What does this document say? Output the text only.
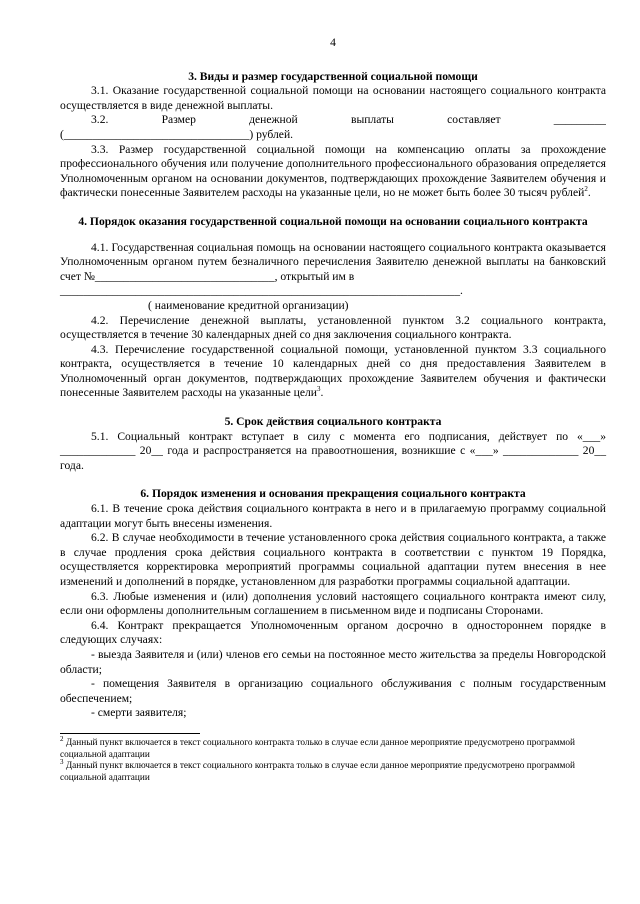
4
3. Виды и размер государственной социальной помощи

3.1. Оказание государственной социальной помощи на основании настоящего социального контракта осуществляется в виде денежной выплаты.

3.2.	Размер	денежной	выплаты	составляет	_________

(________________________________) рублей.

3.3. Размер государственной социальной помощи на компенсацию оплаты за прохождение профессионального обучения или получение дополнительного профессионального образования определяется Уполномоченным органом на основании документов, подтверждающих прохождение Заявителем обучения и фактически понесенные Заявителем расходы на указанные цели, но не может быть более 30 тысяч рублей$^2$.

4. Порядок оказания государственной социальной помощи на основании социального контракта

4.1. Государственная социальная помощь на основании настоящего социального контракта оказывается Уполномоченным органом путем безналичного перечисления Заявителю денежной выплаты на банковский счет №_______________________________, открытый им в

_____________________________________________________________________.

( наименование кредитной организации)

4.2. Перечисление денежной выплаты, установленной пунктом 3.2 социального контракта, осуществляется в течение 30 календарных дней со дня заключения социального контракта.

4.3. Перечисление государственной социальной помощи, установленной пунктом 3.3 социального контракта, осуществляется в течение 10 календарных дней со дня предоставления Заявителем в Уполномоченный орган документов, подтверждающих прохождение Заявителем обучения и фактически понесенные Заявителем расходы на указанные цели$^3$.

5. Срок действия социального контракта

5.1. Социальный контракт вступает в силу с момента его подписания, действует по «___» _____________ 20__ года и распространяется на правоотношения, возникшие с «___» _____________ 20__ года.

6. Порядок изменения и основания прекращения социального контракта

6.1. В течение срока действия социального контракта в него и в прилагаемую программу социальной адаптации могут быть внесены изменения.

6.2. В случае необходимости в течение установленного срока действия социального контракта, а также в случае продления срока действия социального контракта в соответствии с пунктом 19 Порядка, осуществляется корректировка мероприятий программы социальной адаптации путем внесения в нее изменений и дополнений в порядке, установленном для разработки программы социальной адаптации.

6.3. Любые изменения и (или) дополнения условий настоящего социального контракта имеют силу, если они оформлены дополнительным соглашением в письменном виде и подписаны Сторонами.

6.4. Контракт прекращается Уполномоченным органом досрочно в одностороннем порядке в следующих случаях:

- выезда Заявителя и (или) членов его семьи на постоянное место жительства за пределы Новгородской области;

- помещения Заявителя в организацию социального обслуживания с полным государственным обеспечением;

- смерти заявителя;

$^2$ Данный пункт включается в текст социального контракта только в случае если данное мероприятие предусмотрено программой социальной адаптации

$^3$ Данный пункт включается в текст социального контракта только в случае если данное мероприятие предусмотрено программой социальной адаптации
